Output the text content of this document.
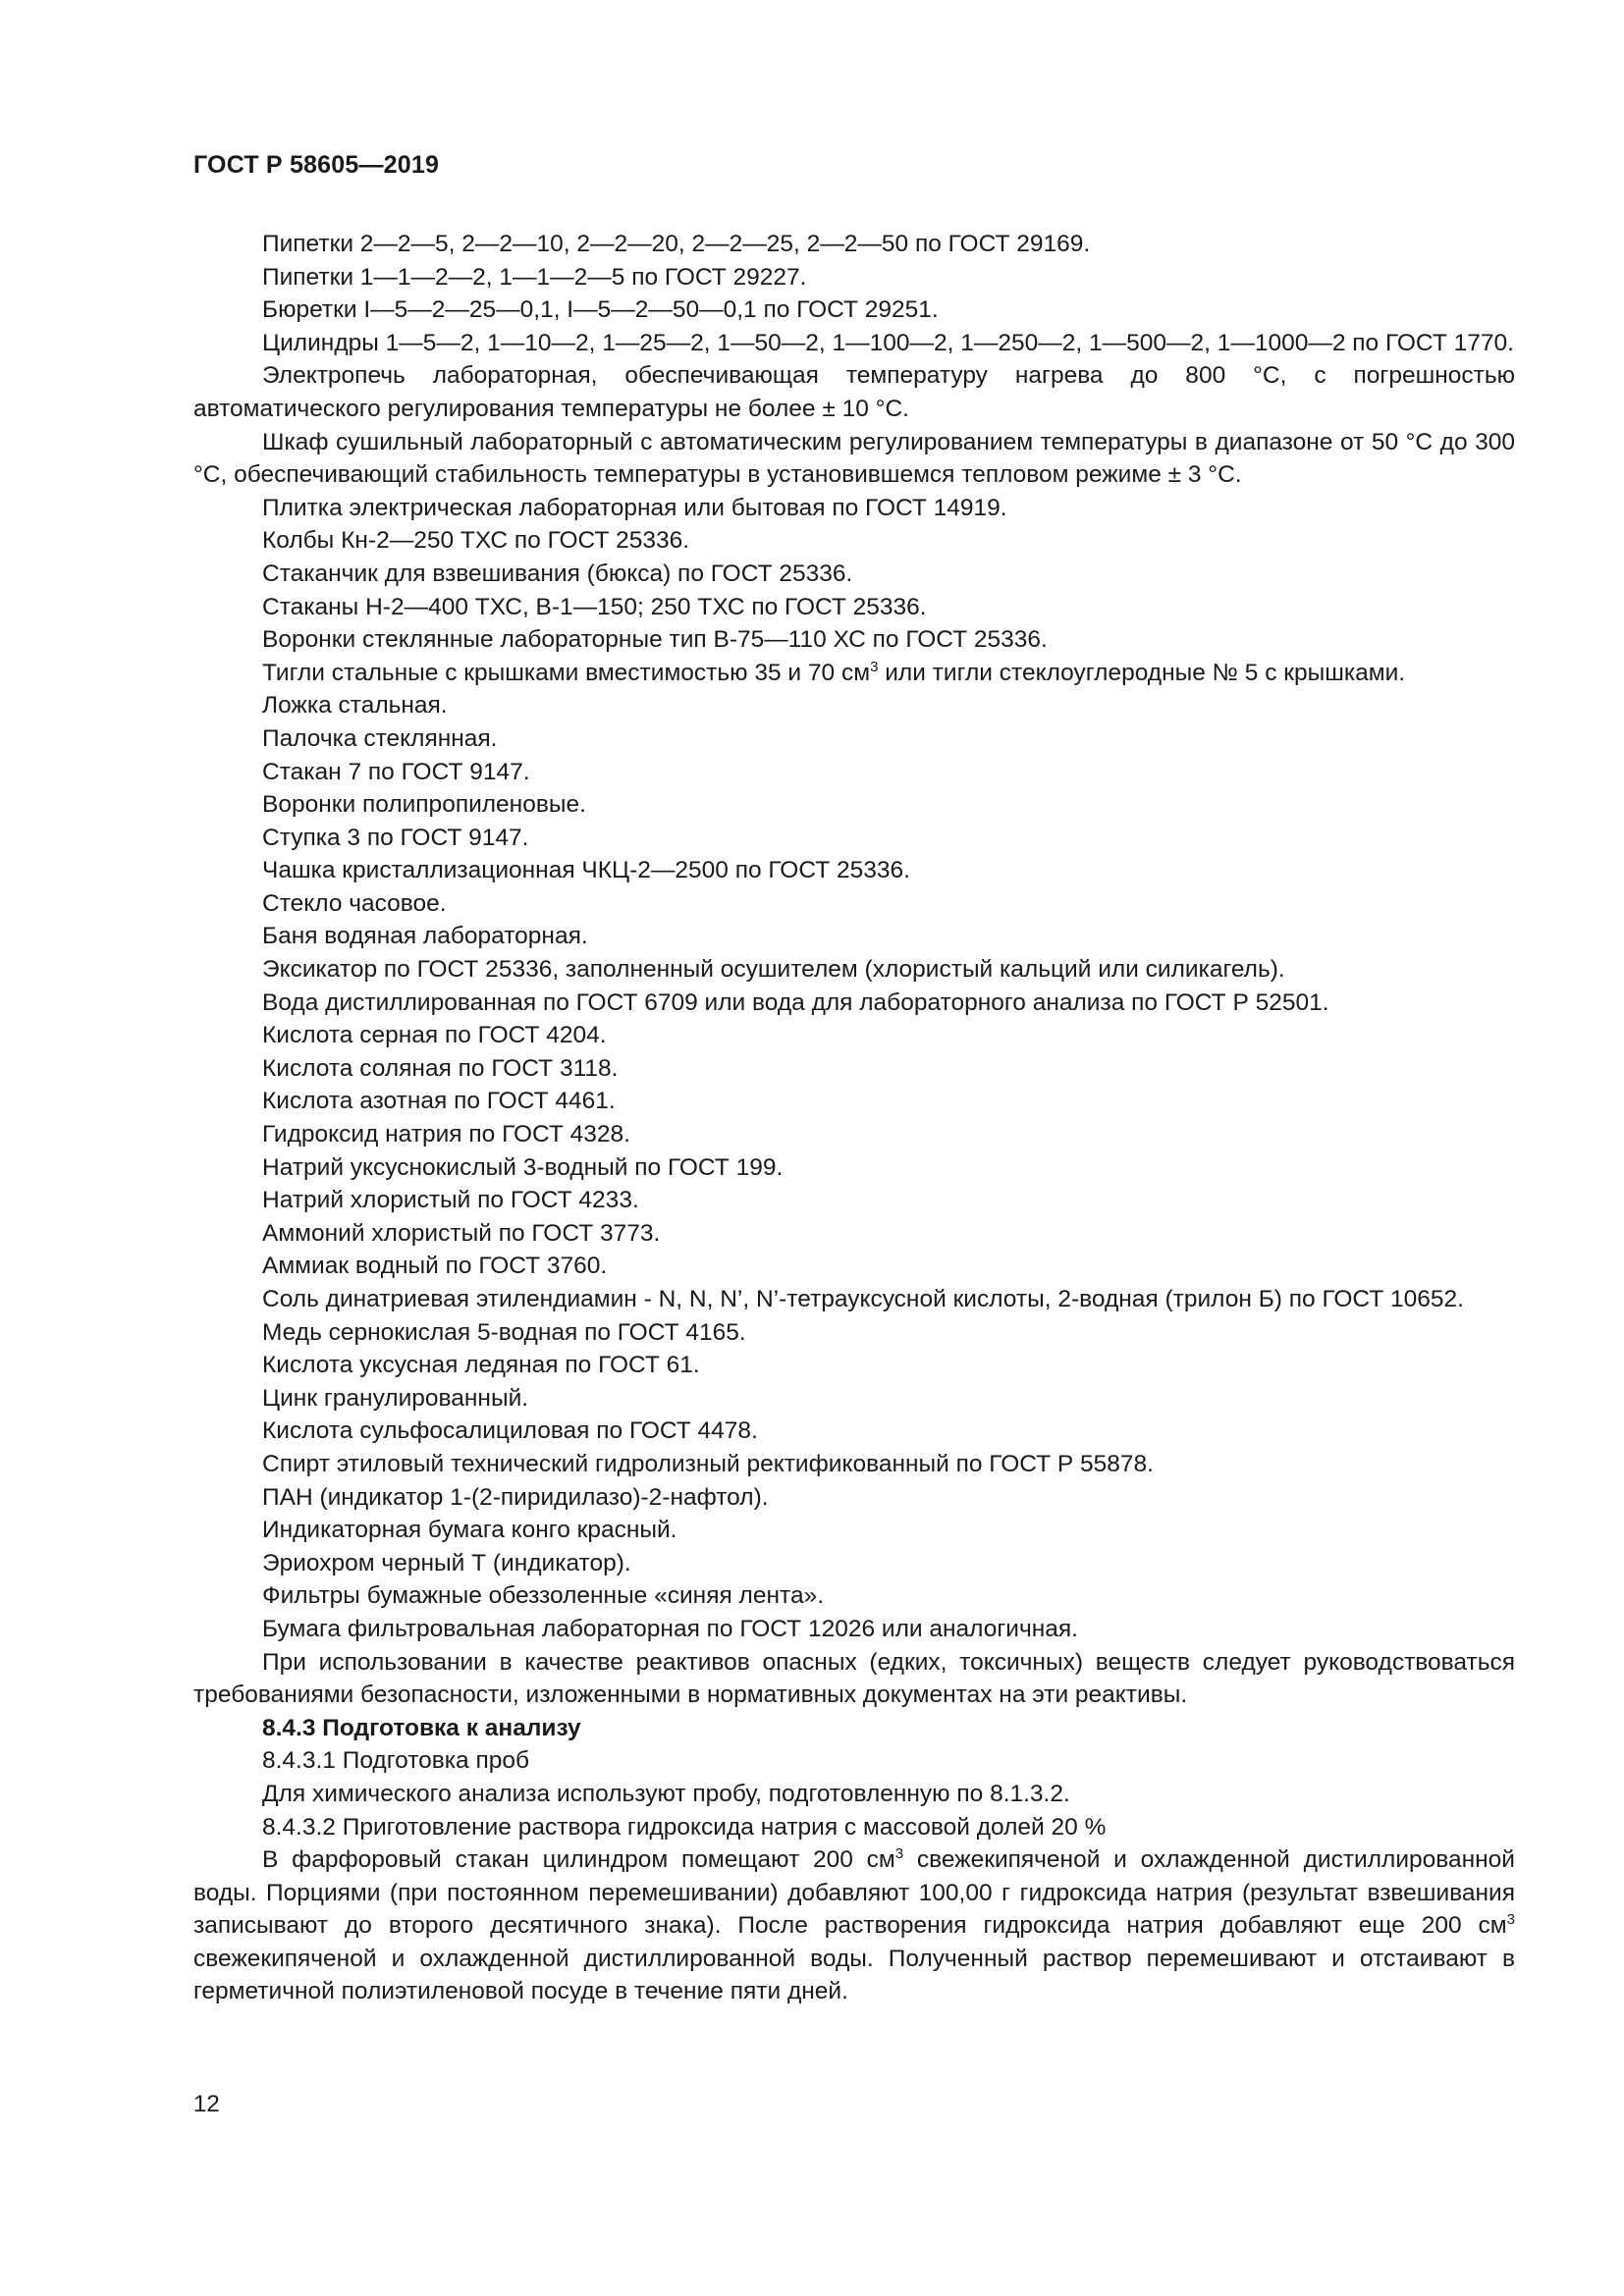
ГОСТ Р 58605—2019

Пипетки 2—2—5, 2—2—10, 2—2—20, 2—2—25, 2—2—50 по ГОСТ 29169.

Пипетки 1—1—2—2, 1—1—2—5 по ГОСТ 29227.

Бюретки I—5—2—25—0,1, I—5—2—50—0,1 по ГОСТ 29251.

Цилиндры 1—5—2, 1—10—2, 1—25—2, 1—50—2, 1—100—2, 1—250—2, 1—500—2, 1—1000—2 по ГОСТ 1770.

Электропечь лабораторная, обеспечивающая температуру нагрева до 800 °С, с погрешностью автоматического регулирования температуры не более ± 10 °С.

Шкаф сушильный лабораторный с автоматическим регулированием температуры в диапазоне от 50 °С до 300 °С, обеспечивающий стабильность температуры в установившемся тепловом режиме ± 3 °С.

Плитка электрическая лабораторная или бытовая по ГОСТ 14919.

Колбы Кн-2—250 ТХС по ГОСТ 25336.

Стаканчик для взвешивания (бюкса) по ГОСТ 25336.

Стаканы Н-2—400 ТХС, В-1—150; 250 ТХС по ГОСТ 25336.

Воронки стеклянные лабораторные тип В-75—110 ХС по ГОСТ 25336.

Тигли стальные с крышками вместимостью 35 и 70 $см^3$ или тигли стеклоуглеродные № 5 с крышками.

Ложка стальная.

Палочка стеклянная.

Стакан 7 по ГОСТ 9147.

Воронки полипропиленовые.

Ступка 3 по ГОСТ 9147.

Чашка кристаллизационная ЧКЦ-2—2500 по ГОСТ 25336.

Стекло часовое.

Баня водяная лабораторная.

Эксикатор по ГОСТ 25336, заполненный осушителем (хлористый кальций или силикагель).

Вода дистиллированная по ГОСТ 6709 или вода для лабораторного анализа по ГОСТ Р 52501.

Кислота серная по ГОСТ 4204.

Кислота соляная по ГОСТ 3118.

Кислота азотная по ГОСТ 4461.

Гидроксид натрия по ГОСТ 4328.

Натрий уксуснокислый 3-водный по ГОСТ 199.

Натрий хлористый по ГОСТ 4233.

Аммоний хлористый по ГОСТ 3773.

Аммиак водный по ГОСТ 3760.

Соль динатриевая этилендиамин - N, N, N’, N’-тетрауксусной кислоты, 2-водная (трилон Б) по ГОСТ 10652.

Медь сернокислая 5-водная по ГОСТ 4165.

Кислота уксусная ледяная по ГОСТ 61.

Цинк гранулированный.

Кислота сульфосалициловая по ГОСТ 4478.

Спирт этиловый технический гидролизный ректификованный по ГОСТ Р 55878.

ПАН (индикатор 1-(2-пиридилазо)-2-нафтол).

Индикаторная бумага конго красный.

Эриохром черный Т (индикатор).

Фильтры бумажные обеззоленные «синяя лента».

Бумага фильтровальная лабораторная по ГОСТ 12026 или аналогичная.

При использовании в качестве реактивов опасных (едких, токсичных) веществ следует руководствоваться требованиями безопасности, изложенными в нормативных документах на эти реактивы.

8.4.3 Подготовка к анализу

8.4.3.1 Подготовка проб

Для химического анализа используют пробу, подготовленную по 8.1.3.2.

8.4.3.2 Приготовление раствора гидроксида натрия с массовой долей 20 %

В фарфоровый стакан цилиндром помещают 200 $см^3$ свежекипяченой и охлажденной дистиллированной воды. Порциями (при постоянном перемешивании) добавляют 100,00 г гидроксида натрия (результат взвешивания записывают до второго десятичного знака). После растворения гидроксида натрия добавляют еще 200 $см^3$ свежекипяченой и охлажденной дистиллированной воды. Полученный раствор перемешивают и отстаивают в герметичной полиэтиленовой посуде в течение пяти дней.

12
